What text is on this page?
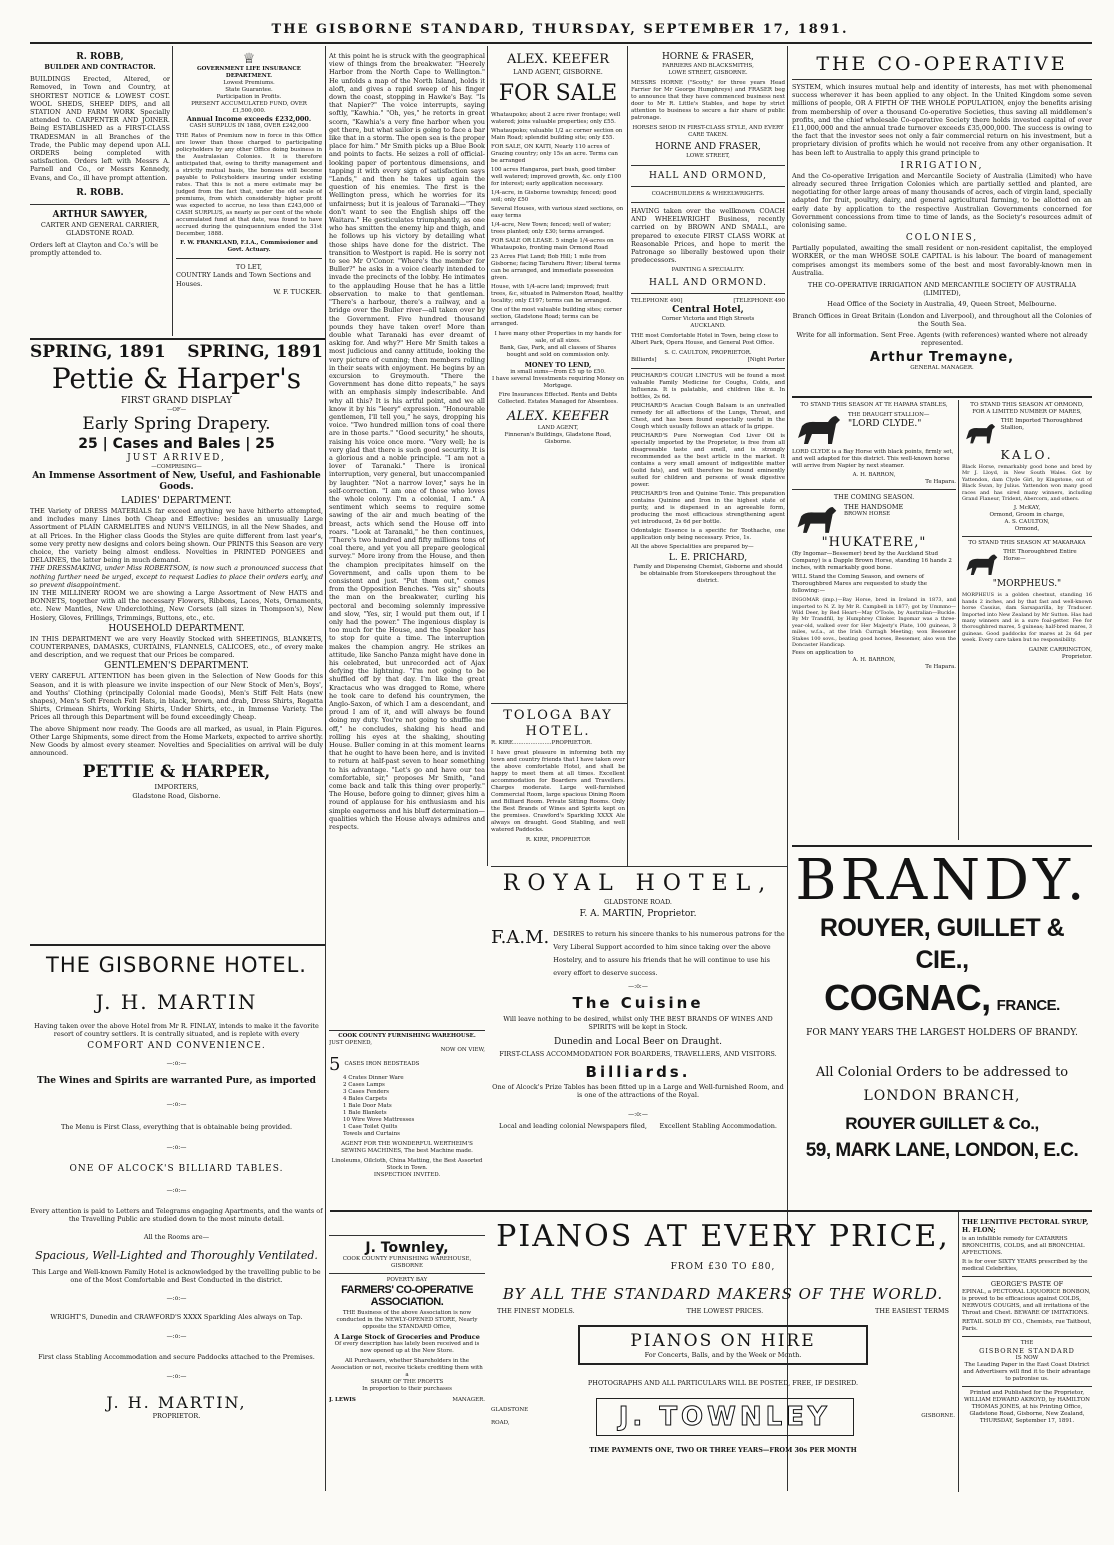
THE GISBORNE STANDARD, THURSDAY, SEPTEMBER 17, 1891.
R. ROBB,
BUILDER AND CONTRACTOR.
BUILDINGS Erected, Altered, or Removed, in Town and Country, at SHORTEST NOTICE & LOWEST COST. WOOL SHEDS, SHEEP DIPS, and all STATION AND FARM WORK Specially attended to. CARPENTER AND JOINER. Being ESTABLISHED as a FIRST-CLASS TRADESMAN in all Branches of the Trade, the Public may depend upon ALL ORDERS being completed with satisfaction. Orders left with Messrs A. Parnell and Co., or Messrs Kennedy, Evans, and Co., ill have prompt attention.
R. ROBB.
ARTHUR SAWYER,
CARTER AND GENERAL CARRIER, GLADSTONE ROAD.
Orders left at Clayton and Co.'s will be promptly attended to.
♕
GOVERNMENT LIFE INSURANCE DEPARTMENT.
Lowest Premiums.
State Guarantee.
Participation in Profits.
PRESENT ACCUMULATED FUND, OVER £1,500,000.
Annual Income exceeds £232,000.
CASH SURPLUS IN 1888, OVER £242,000
THE Rates of Premium now in force in this Office are lower than those charged to participating policyholders by any other Office doing business in the Australasian Colonies. It is therefore anticipated that, owing to thrifty management and a strictly mutual basis, the bonuses will become payable to Policyholders insuring under existing rates. That this is not a mere estimate may be judged from the fact that, under the old scale of premiums, from which considerably higher profit was expected to accrue, no less than £243,000 of CASH SURPLUS, as nearly as per cent of the whole accumulated fund at that date, was found to have accrued during the quinquennium ended the 31st December, 1888.
F. W. FRANKLAND, F.I.A., Commissioner and Govt. Actuary.
TO LET,
COUNTRY Lands and Town Sections and Houses.
W. F. TUCKER.
SPRING, 1891 SPRING, 1891
Pettie & Harper's
FIRST GRAND DISPLAY
—OF—
Early Spring Drapery.
25 | Cases and Bales | 25
JUST ARRIVED,
—COMPRISING—
An Immense Assortment of New, Useful, and Fashionable Goods.
LADIES' DEPARTMENT.
THE Variety of DRESS MATERIALS far exceed anything we have hitherto attempted, and includes many Lines both Cheap and Effective: besides an unusually Large Assortment of PLAIN CARMELITES and NUN'S VEILINGS, in all the New Shades, and at all Prices. In the Higher class Goods the Styles are quite different from last year's, some very pretty new designs and colors being shown. Our PRINTS this Season are very choice, the variety being almost endless. Novelties in PRINTED PONGEES and DELAINES, the latter being in much demand.
THE DRESSMAKING, under Miss ROBERTSON, is now such a pronounced success that nothing further need be urged, except to request Ladies to place their orders early, and so prevent disappointment.
IN THE MILLINERY ROOM we are showing a Large Assortment of New HATS and BONNETS, together with all the necessary Flowers, Ribbons, Laces, Nets, Ornaments, etc. New Mantles, New Underclothing, New Corsets (all sizes in Thompson's), New Hosiery, Gloves, Frillings, Trimmings, Buttons, etc., etc.
HOUSEHOLD DEPARTMENT.
IN THIS DEPARTMENT we are very Heavily Stocked with SHEETINGS, BLANKETS, COUNTERPANES, DAMASKS, CURTAINS, FLANNELS, CALICOES, etc., of every make and description, and we request that our Prices be compared.
GENTLEMEN'S DEPARTMENT.
VERY CAREFUL ATTENTION has been given in the Selection of New Goods for this Season, and it is with pleasure we invite inspection of our New Stock of Men's, Boys', and Youths' Clothing (principally Colonial made Goods), Men's Stiff Felt Hats (new shapes), Men's Soft French Felt Hats, in black, brown, and drab, Dress Shirts, Regatta Shirts, Crimean Shirts, Working Shirts, Under Shirts, etc., in Immense Variety. The Prices all through this Department will be found exceedingly Cheap.
The above Shipment now ready. The Goods are all marked, as usual, in Plain Figures. Other Large Shipments, some direct from the Home Markets, expected to arrive shortly. New Goods by almost every steamer. Novelties and Specialities on arrival will be duly announced.
PETTIE & HARPER,
IMPORTERS,
Gladstone Road, Gisborne.
THE GISBORNE HOTEL.
J. H. MARTIN
Having taken over the above Hotel from Mr R. FINLAY, intends to make it the favorite resort of country settlers. It is centrally situated, and is replete with every
COMFORT AND CONVENIENCE.
—:o:—
The Wines and Spirits are warranted Pure, as imported
—:o:—
The Menu is First Class, everything that is obtainable being provided.
—:o:—
ONE OF ALCOCK'S BILLIARD TABLES.
—:o:—
Every attention is paid to Letters and Telegrams engaging Apartments, and the wants of the Travelling Public are studied down to the most minute detail.
All the Rooms are—
Spacious, Well-Lighted and Thoroughly Ventilated.
This Large and Well-known Family Hotel is acknowledged by the travelling public to be one of the Most Comfortable and Best Conducted in the district.
—:o:—
WRIGHT'S, Dunedin and CRAWFORD'S XXXX Sparkling Ales always on Tap.
—:o:—
First class Stabling Accommodation and secure Paddocks attached to the Premises.
—:o:—
J. H. MARTIN,
PROPRIETOR.
At this point he is struck with the geographical view of things from the breakwater. "Heerely Harbor from the North Cape to Wellington." He unfolds a map of the North Island, holds it aloft, and gives a rapid sweep of his finger down the coast, stopping in Hawke's Bay. "Is that Napier?" The voice interrupts, saying softly, "Kawhia." "Oh, yes," he retorts in great scorn, "Kawhia's a very fine harbor when you get there, but what sailor is going to face a bar like that in a storm. The open sea is the proper place for him." Mr Smith picks up a Blue Book and points to facts. He seizes a roll of official-looking paper of portentous dimensions, and tapping it with every sign of satisfaction says "Lands," and then he takes up again the question of his enemies. The first is the Wellington press, which he worries for its unfairness; but it is jealous of Taranaki—"They don't want to see the English ships off the Waitara." He gesticulates triumphantly, as one who has smitten the enemy hip and thigh, and he follows up his victory by detailing what those ships have done for the district. The transition to Westport is rapid. He is sorry not to see Mr O'Conor. "Where's the member for Buller?" he asks in a voice clearly intended to invade the precincts of the lobby. He intimates to the applauding House that he has a little observation to make to that gentleman. "There's a harbour, there's a railway, and a bridge over the Buller river—all taken over by the Government. Five hundred thousand pounds they have taken over! More than double what Taranaki has ever dreamt of asking for. And why?" Here Mr Smith takes a most judicious and canny attitude, looking the very picture of cunning; then members rolling in their seats with enjoyment. He begins by an excursion to Greymouth. "There the Government has done ditto repeats," he says with an emphasis simply indescribable. And why all this? It is his artful point, and we all know it by his "leery" expression. "Honourable gentlemen, I'll tell you," he says, dropping his voice. "Two hundred million tons of coal there are in those parts." "Good security," he shouts, raising his voice once more. "Very well; he is very glad that there is such good security. It is a glorious and a noble principle. "I am not a lover of Taranaki." There is ironical interruption, very general, but unaccompanied by laughter. "Not a narrow lover," says he in self-correction. "I am one of those who loves the whole colony. I'm a colonial, I am." A sentiment which seems to require some sawing of the air and much beating of the breast, acts which send the House off into roars. "Look at Taranaki," he then continues, "There's two hundred and fifty millions tons of coal there, and yet you all prepare geological survey." More irony from the House, and then the champion precipitates himself on the Government, and calls upon them to be consistent and just. "Put them out," comes from the Opposition Benches. "Yes sir," shouts the man on the breakwater, curling his pectoral and becoming solemnly impressive and slow, "Yes, sir, I would put them out, if I only had the power." The ingenious display is too much for the House, and the Speaker has to stop for quite a time. The interruption makes the champion angry. He strikes an attitude, like Sancho Panza might have done in his celebrated, but unrecorded act of Ajax defying the lightning. "I'm not going to be shuffled off by that day. I'm like the great Kractacus who was dragged to Rome, where he took care to defend his countrymen, the Anglo-Saxon, of which I am a descendant, and proud I am of it, and will always be found doing my duty. You're not going to shuffle me off," he concludes, shaking his head and rolling his eyes at the shaking, shouting House. Buller coming in at this moment learns that he ought to have been here, and is invited to return at half-past seven to hear something to his advantage. "Let's go and have our tea comfortable, sir," proposes Mr Smith, "and come back and talk this thing over properly." The House, before going to dinner, gives him a round of applause for his enthusiasm and his simple eagerness and his bluff determination—qualities which the House always admires and respects.
COOK COUNTY FURNISHING WAREHOUSE.
JUST OPENED,
NOW ON VIEW,
5 CASES IRON BEDSTEADS
4 Crates Dinner Ware
2 Cases Lamps
3 Cases Fenders
4 Bales Carpets
1 Bale Door Mats
1 Bale Blankets
10 Wire Wove Mattresses
1 Case Toilet Quilts
Towels and Curtains
AGENT FOR THE WONDERFUL WERTHEIM'S SEWING MACHINES, The best Machine made.
Linoleums, Oilcloth, China Matting, the Best Assorted Stock in Town.
INSPECTION INVITED.
J. Townley,
COOK COUNTY FURNISHING WAREHOUSE, GISBORNE
POVERTY BAY
FARMERS' CO-OPERATIVE ASSOCIATION.
THE Business of the above Association is now conducted in the NEWLY-OPENED STORE, Nearly opposite the STANDARD Office,
A Large Stock of Groceries and Produce
Of every description has lately been received and is now opened up at the New Store.
All Purchasers, whether Shareholders in the Association or not, receive tickets crediting them with a
SHARE OF THE PROFITS
In proportion to their purchases
J. LEWIS	MANAGER.
ALEX. KEEFER
LAND AGENT, GISBORNE.
FOR SALE

Whataupoko; about 2 acre river frontage; well watered; joins valuable properties; only £55.

Whataupoko; valuable 1/2 ac corner section on Main Road; splendid building site; only £55.

FOR SALE, ON KAITI, Nearly 110 acres of Grazing country; only 15s an acre. Terms can be arranged

100 acres Hangaroa, part bush, good timber well watered; improved growth, &c. only £100 for interest; early application necessary.

1/4-acre, in Gisborne township; fenced; good soil; only £50

Several Houses, with various sized sections, on easy terms

1/4-acre, New Town; fenced; well of water; trees planted; only £30; terms arranged.

FOR SALE OR LEASE. 5 single 1/4-acres on Whataupoko, fronting main Ormond Road

23 Acres Flat Land; Bob Hill; 1 mile from Gisborne; facing Taruheru River; liberal terms can be arranged, and immediate possession given.

House, with 1/4-acre land; improved; fruit trees, &c, situated in Palmerston Road, healthy locality; only £197; terms can be arranged.

One of the most valuable building sites; corner section, Gladstone Road; terms can be arranged.

I have many other Properties in my hands for sale, of all sizes.
Bank, Gas, Park, and all classes of Shares bought and sold on commission only.
MONEY TO LEND,
in small sums—from £5 up to £50.
I have several Investments requiring Money on Mortgage.
Fire Insurances Effected. Rents and Debts Collected. Estates Managed for Absentees.
ALEX. KEEFER
LAND AGENT,
Finneran's Buildings, Gladstone Road, Gisborne.
TOLOGA BAY HOTEL.
R. KIRE......................PROPRIETOR.
I have great pleasure in informing both my town and country friends that I have taken over the above comfortable Hotel, and shall be happy to meet them at all times. Excellent accommodation for Boarders and Travellers. Charges moderate. Large well-furnished Commercial Room, large spacious Dining Room and Billiard Room. Private Sitting Rooms. Only the Best Brands of Wines and Spirits kept on the premises. Crawford's Sparkling XXXX Ale always on draught. Good Stabling, and well watered Paddocks.
R. KIRE, PROPRIETOR
HORNE & FRASER,
FARRIERS AND BLACKSMITHS,
LOWE STREET, GISBORNE.
MESSRS HORNE ("Scotty," for three years Head Farrier for Mr George Humphreys) and FRASER beg to announce that they have commenced business next door to Mr R. Little's Stables, and hope by strict attention to business to secure a fair share of public patronage.
HORSES SHOD IN FIRST-CLASS STYLE, AND EVERY CARE TAKEN.
HORNE AND FRASER,
LOWE STREET,
HALL AND ORMOND,
COACHBUILDERS & WHEELWRIGHTS.
HAVING taken over the wellknown COACH AND WHEELWRIGHT Business, recently carried on by BROWN AND SMALL, are prepared to execute FIRST CLASS WORK at Reasonable Prices, and hope to merit the Patronage so liberally bestowed upon their predecessors.
PAINTING A SPECIALITY.
HALL AND ORMOND.
TELEPHONE 490]	[TELEPHONE 490
Central Hotel,
Corner Victoria and High Streets
AUCKLAND.
THE most Comfortable Hotel in Town, being close to Albert Park, Opera House, and General Post Office.
S. C. CAULTON, PROPRIETOR.
Billiards]	[Night Porter
PRICHARD'S COUGH LINCTUS will be found a most valuable Family Medicine for Coughs, Colds, and Influenza. It is palatable, and children like it. In bottles, 2s 6d.
PRICHARD'S Acacian Cough Balsam is an unrivalled remedy for all affections of the Lungs, Throat, and Chest, and has been found especially useful in the Cough which usually follows an attack of la grippe.
PRICHARD'S Pure Norwegian Cod Liver Oil is specially imported by the Proprietor, is free from all disagreeable taste and smell, and is strongly recommended as the best article in the market. It contains a very small amount of indigestible matter (solid fats), and will therefore be found eminently suited for children and persons of weak digestive power.
PRICHARD'S Iron and Quinine Tonic. This preparation contains Quinine and Iron in the highest state of purity, and is dispensed in an agreeable form, producing the most efficacious strengthening agent yet introduced, 2s 6d per bottle.
Odontalgic Essence is a specific for Toothache, one application only being necessary. Price, 1s.
All the above Specialities are prepared by—
L. E. PRICHARD,
Family and Dispensing Chemist, Gisborne and should be obtainable from Storekeepers throughout the district.
ROYAL HOTEL,
GLADSTONE ROAD.
F. A. MARTIN, Proprietor.
F.A.M. DESIRES to return his sincere thanks to his numerous patrons for the Very Liberal Support accorded to him since taking over the above Hostelry, and to assure his friends that he will continue to use his every effort to deserve success.
—:o:—
The Cuisine
Will leave nothing to be desired, whilst only THE BEST BRANDS OF WINES AND SPIRITS will be kept in Stock.
Dunedin and Local Beer on Draught.
FIRST-CLASS ACCOMMODATION FOR BOARDERS, TRAVELLERS, AND VISITORS.
Billiards.
One of Alcock's Prize Tables has been fitted up in a Large and Well-furnished Room, and is one of the attractions of the Royal.
—:o:—
Local and leading colonial Newspapers filed, Excellent Stabling Accommodation.
THE CO-OPERATIVE
SYSTEM, which insures mutual help and identity of interests, has met with phenomenal success wherever it has been applied to any object. In the United Kingdom some seven millions of people, OR A FIFTH OF THE WHOLE POPULATION, enjoy the benefits arising from membership of over a thousand Co-operative Societies, thus saving all middlemen's profits, and the chief wholesale Co-operative Society there holds invested capital of over £11,000,000 and the annual trade turnover exceeds £35,000,000. The success is owing to the fact that the investor sees not only a fair commercial return on his investment, but a proprietary division of profits which he would not receive from any other organisation. It has been left to Australia to apply this grand principle to
IRRIGATION,
And the Co-operative Irrigation and Mercantile Society of Australia (Limited) who have already secured three Irrigation Colonies which are partially settled and planted, are negotiating for other large areas of many thousands of acres, each of virgin land, specially adapted for fruit, poultry, dairy, and general agricultural farming, to be allotted on an early date by application to the respective Australian Governments concerned for Government concessions from time to time of lands, as the Society's resources admit of colonising same.
COLONIES,
Partially populated, awaiting the small resident or non-resident capitalist, the employed WORKER, or the man WHOSE SOLE CAPITAL is his labour. The board of management comprises amongst its members some of the best and most favorably-known men in Australia.
THE CO-OPERATIVE IRRIGATION AND MERCANTILE SOCIETY OF AUSTRALIA (LIMITED),
Head Office of the Society in Australia, 49, Queen Street, Melbourne.
Branch Offices in Great Britain (London and Liverpool), and throughout all the Colonies of the South Sea.
Write for all information. Sent Free. Agents (with references) wanted where not already represented.
Arthur Tremayne,
GENERAL MANAGER.
TO STAND THIS SEASON AT TE HAPARA STABLES,
THE DRAUGHT STALLION—
"LORD CLYDE."
LORD CLYDE is a Bay Horse with black points, firmly set, and well adapted for this district. This well-known horse will arrive from Napier by next steamer.
A. H. BARRON,
Te Hapara.
THE COMING SEASON.
THE HANDSOME
BROWN HORSE
"HUKATERE,"
(By Ingomar—Bessemer) bred by the Auckland Stud Company) is a Dapple Brown Horse, standing 16 hands 2 inches, with remarkably good bone.
WILL Stand the Coming Season, and owners of Thoroughbred Mares are requested to study the following:—
INGOMAR (imp.)—Bay Horse, bred in Ireland in 1873, and imported to N. Z. by Mr R. Campbell in 1877; got by Ummmo—Wild Deer, by Red Heart—May O'Toole, by Australian—Buckle. By Mr Trandfill, by Humphrey Clinker. Ingomar was a three-year-old, walked over for Her Majesty's Plate, 100 guineas, 3 miles, w.f.a., at the Irish Curragh Meeting; won Bessemer Stakes 100 sovs., beating good horses, Bessemer, also won the Doncaster Handicap.
Fees on application to
A. H. BARRON,
Te Hapara.
TO STAND THIS SEASON AT ORMOND,
FOR A LIMITED NUMBER OF MARES,
THE Imported Thoroughbred Stallion,
KALO.
Black Horse, remarkably good bone and bred by Mr J. Lloyd, in New South Wales. Got by Yattendon, dam Clyde Girl, by Kingstone, out of Black Swan, by Julius. Yattendon won many good races and has sired many winners, including Grand Flaneur, Trident, Abercorn, and others.
J. McKAY,
Ormond, Groom in charge,
A. S. CAULTON,
Ormond,
TO STAND THIS SEASON AT MAKARAKA
THE Thoroughbred Entire Horse—
"MORPHEUS."
MORPHEUS is a golden chestnut, standing 16 hands 2 inches, and by that fast and well-known horse Cassius, dam Sarsaparilla, by Traducer. Imported into New Zealand by Mr Sutton. Has had many winners and is a sure foal-getter. Fee for thoroughbred mares, 5 guineas; half-bred mares, 3 guineas. Good paddocks for mares at 2s 6d per week. Every care taken but no responsibility.
GAINE CARRINGTON,
Proprietor.
BRANDY.
ROUYER, GUILLET & CIE.,
COGNAC, FRANCE.
FOR MANY YEARS THE LARGEST HOLDERS OF BRANDY.
All Colonial Orders to be addressed to
LONDON BRANCH,
ROUYER GUILLET & Co.,
59, MARK LANE, LONDON, E.C.
PIANOS AT EVERY PRICE,
FROM £30 TO £80,
BY ALL THE STANDARD MAKERS OF THE WORLD.
THE FINEST MODELS.	THE LOWEST PRICES.	THE EASIEST TERMS
PIANOS ON HIRE
For Concerts, Balls, and by the Week or Month.
PHOTOGRAPHS AND ALL PARTICULARS WILL BE POSTED, FREE, IF DESIRED.
GLADSTONE
ROAD,	J. TOWNLEY	GISBORNE.
TIME PAYMENTS ONE, TWO OR THREE YEARS—FROM 30s PER MONTH
THE LENITIVE PECTORAL SYRUP, H. FLON;
is an infallible remedy for CATARRHS BRONCHITIS, COLDS, and all BRONCHIAL AFFECTIONS.
It is for over SIXTY YEARS prescribed by the medical Celebrities,
GEORGE'S PASTE OF
EPINAL, a PECTORAL LIQUORICE BONBON, is proved to be efficacious against COLDS, NERVOUS COUGHS, and all irritations of the Throat and Chest. BEWARE OF IMITATIONS.
RETAIL SOLD BY CO., Chemists, rue Taitbout, Paris.
THE
GISBORNE STANDARD
IS NOW
The Leading Paper in the East Coast District and Advertisers will find it to their advantage to patronise us.
Printed and Published for the Proprietor, WILLIAM EDWARD AKROYD, by HAMILTON THOMAS JONES, at his Printing Office, Gladstone Road, Gisborne, New Zealand, THURSDAY, September 17, 1891.
